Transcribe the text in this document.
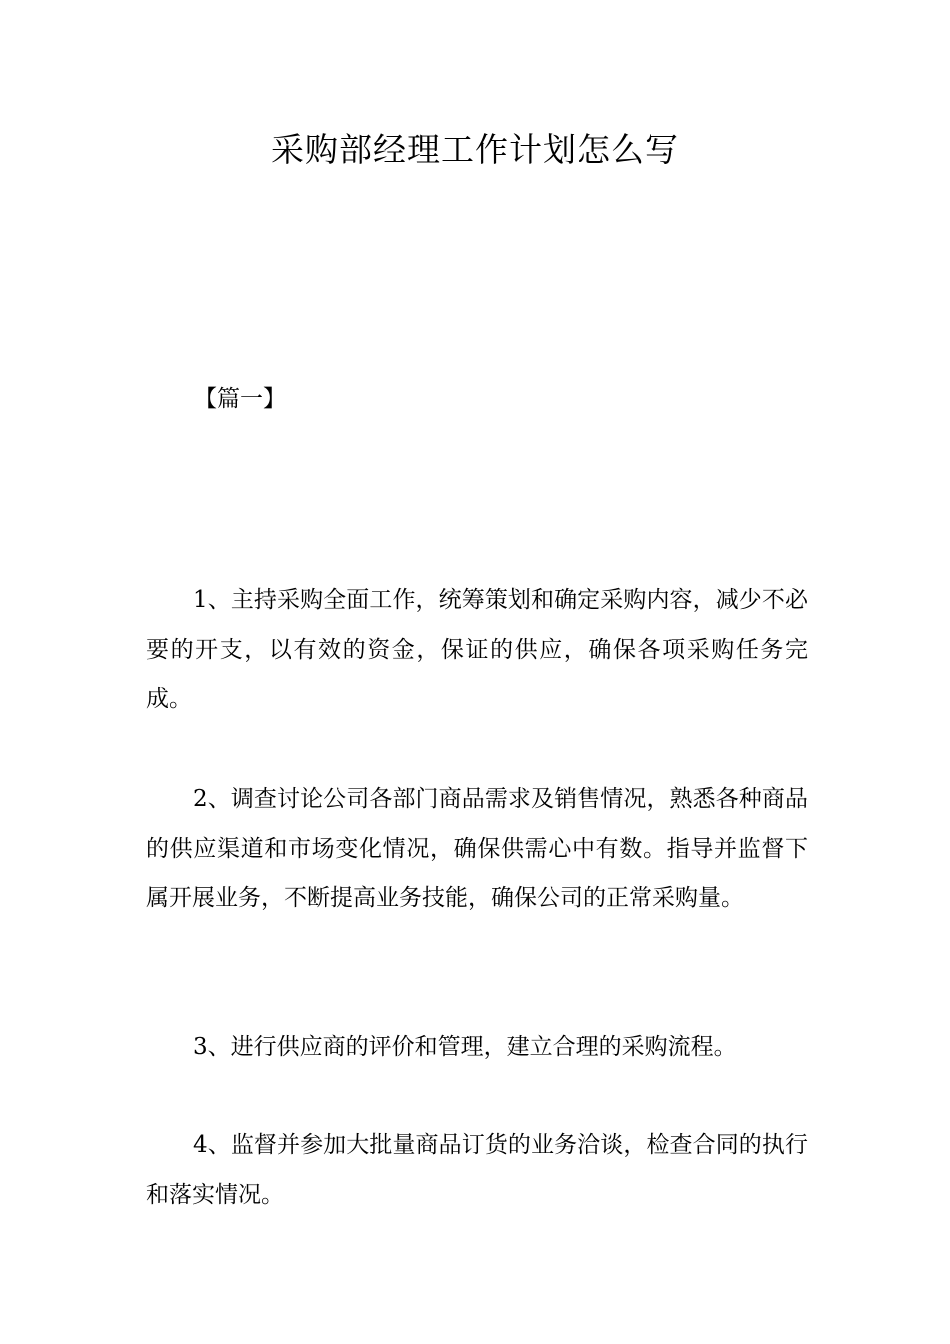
采购部经理工作计划怎么写
【篇一】

1、主持采购全面工作，统筹策划和确定采购内容，减少不必要的开支，以有效的资金，保证的供应，确保各项采购任务完成。

2、调查讨论公司各部门商品需求及销售情况，熟悉各种商品的供应渠道和市场变化情况，确保供需心中有数。指导并监督下属开展业务，不断提高业务技能，确保公司的正常采购量。

3、进行供应商的评价和管理，建立合理的采购流程。

4、监督并参加大批量商品订货的业务洽谈，检查合同的执行和落实情况。
